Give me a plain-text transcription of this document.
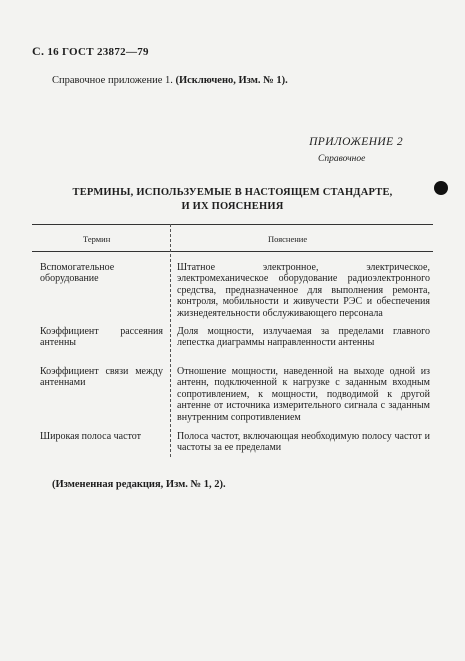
С. 16 ГОСТ 23872—79
Справочное приложение 1. (Исключено, Изм. № 1).
ПРИЛОЖЕНИЕ 2
Справочное
ТЕРМИНЫ, ИСПОЛЬЗУЕМЫЕ В НАСТОЯЩЕМ СТАНДАРТЕ,
И ИХ ПОЯСНЕНИЯ
Термин	Пояснение
Вспомогательное оборудование
Штатное электронное, электрическое, электромеханическое оборудование радиоэлектронного средства, предназначенное для выполнения ремонта, контроля, мобильности и живучести РЭС и обеспечения жизнедеятельности обслуживающего персонала
Коэффициент рассеяния антенны
Доля мощности, излучаемая за пределами главного лепестка диаграммы направленности антенны
Коэффициент связи между антеннами
Отношение мощности, наведенной на выходе одной из антенн, подключенной к нагрузке с заданным входным сопротивлением, к мощности, подводимой к другой антенне от источника измерительного сигнала с заданным внутренним сопротивлением
Широкая полоса частот	Полоса частот, включающая необходимую полосу частот и частоты за ее пределами
(Измененная редакция, Изм. № 1, 2).
